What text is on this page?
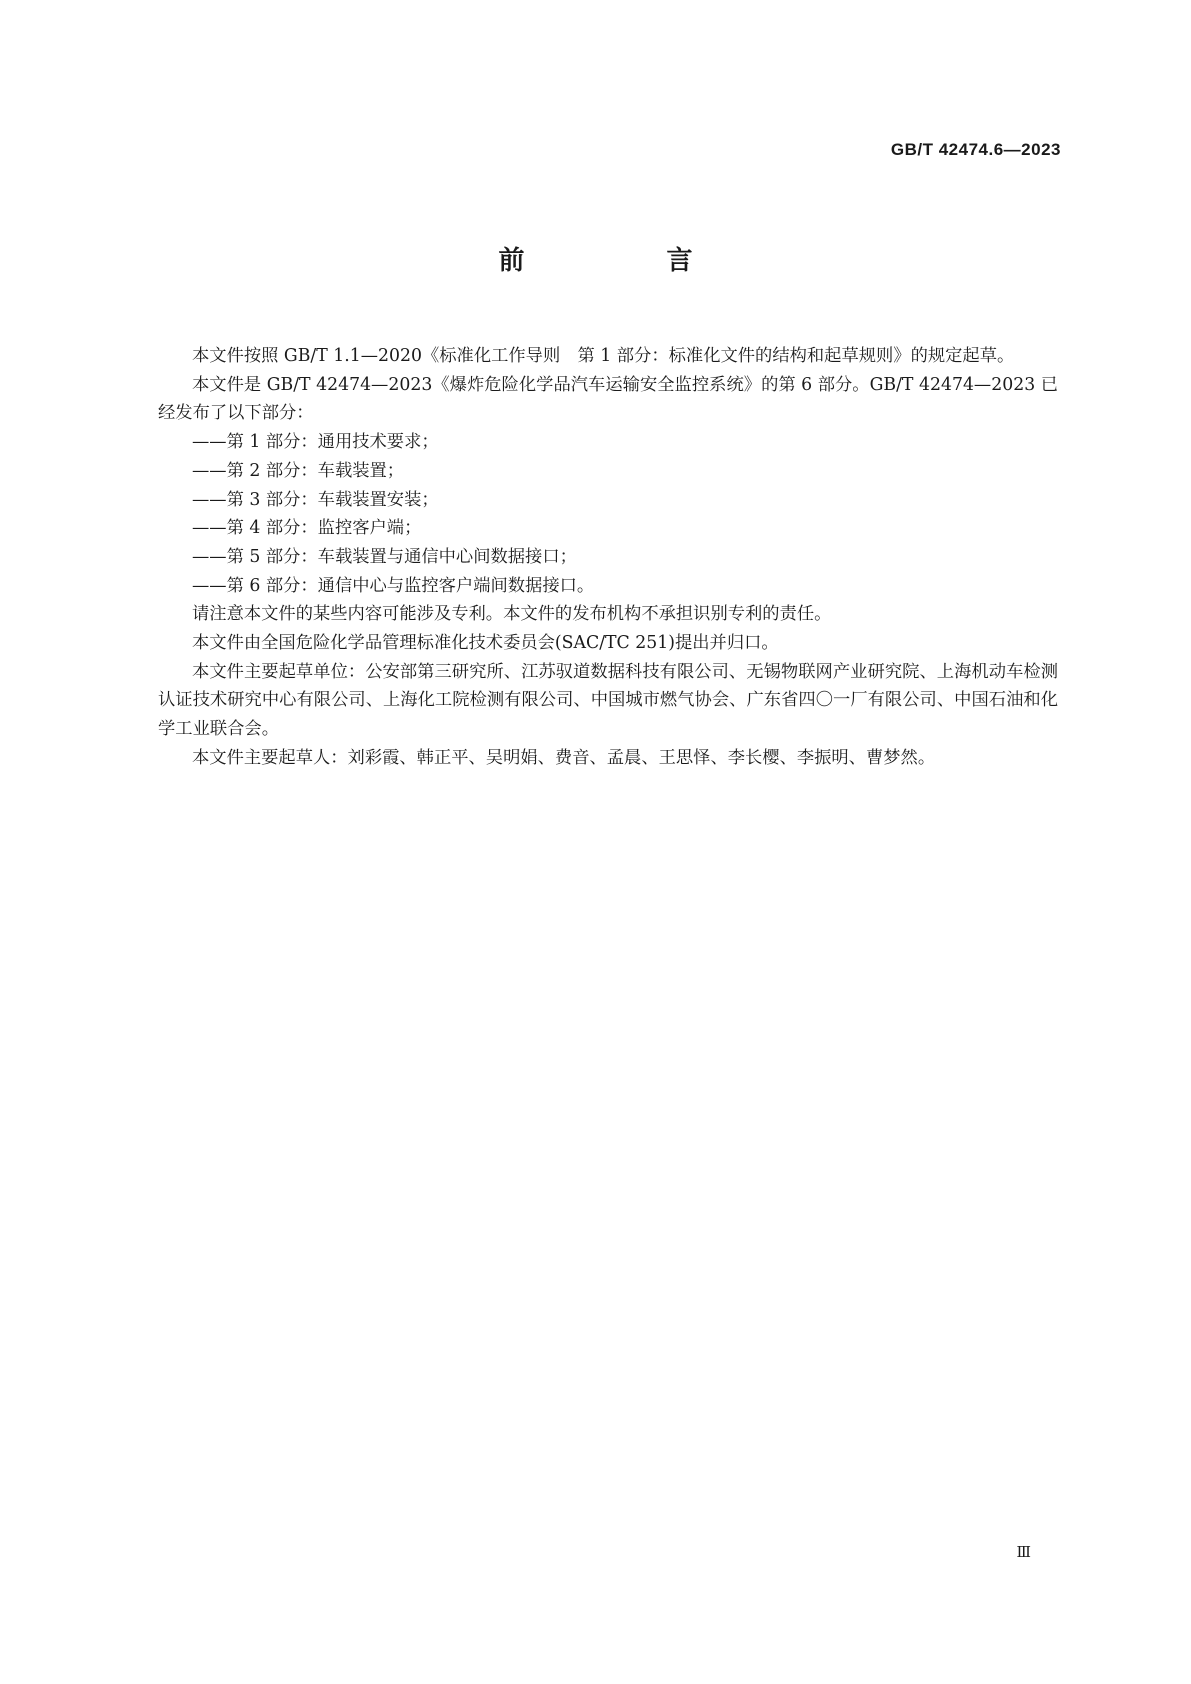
GB/T 42474.6—2023
前　言

本文件按照 GB/T 1.1—2020《标准化工作导则　第 1 部分：标准化文件的结构和起草规则》的规定起草。

本文件是 GB/T 42474—2023《爆炸危险化学品汽车运输安全监控系统》的第 6 部分。GB/T 42474—2023 已经发布了以下部分：

——第 1 部分：通用技术要求；

——第 2 部分：车载装置；

——第 3 部分：车载装置安装；

——第 4 部分：监控客户端；

——第 5 部分：车载装置与通信中心间数据接口；

——第 6 部分：通信中心与监控客户端间数据接口。

请注意本文件的某些内容可能涉及专利。本文件的发布机构不承担识别专利的责任。

本文件由全国危险化学品管理标准化技术委员会(SAC/TC 251)提出并归口。

本文件主要起草单位：公安部第三研究所、江苏驭道数据科技有限公司、无锡物联网产业研究院、上海机动车检测认证技术研究中心有限公司、上海化工院检测有限公司、中国城市燃气协会、广东省四〇一厂有限公司、中国石油和化学工业联合会。

本文件主要起草人：刘彩霞、韩正平、吴明娟、费音、孟晨、王思怿、李长樱、李振明、曹梦然。

Ⅲ
